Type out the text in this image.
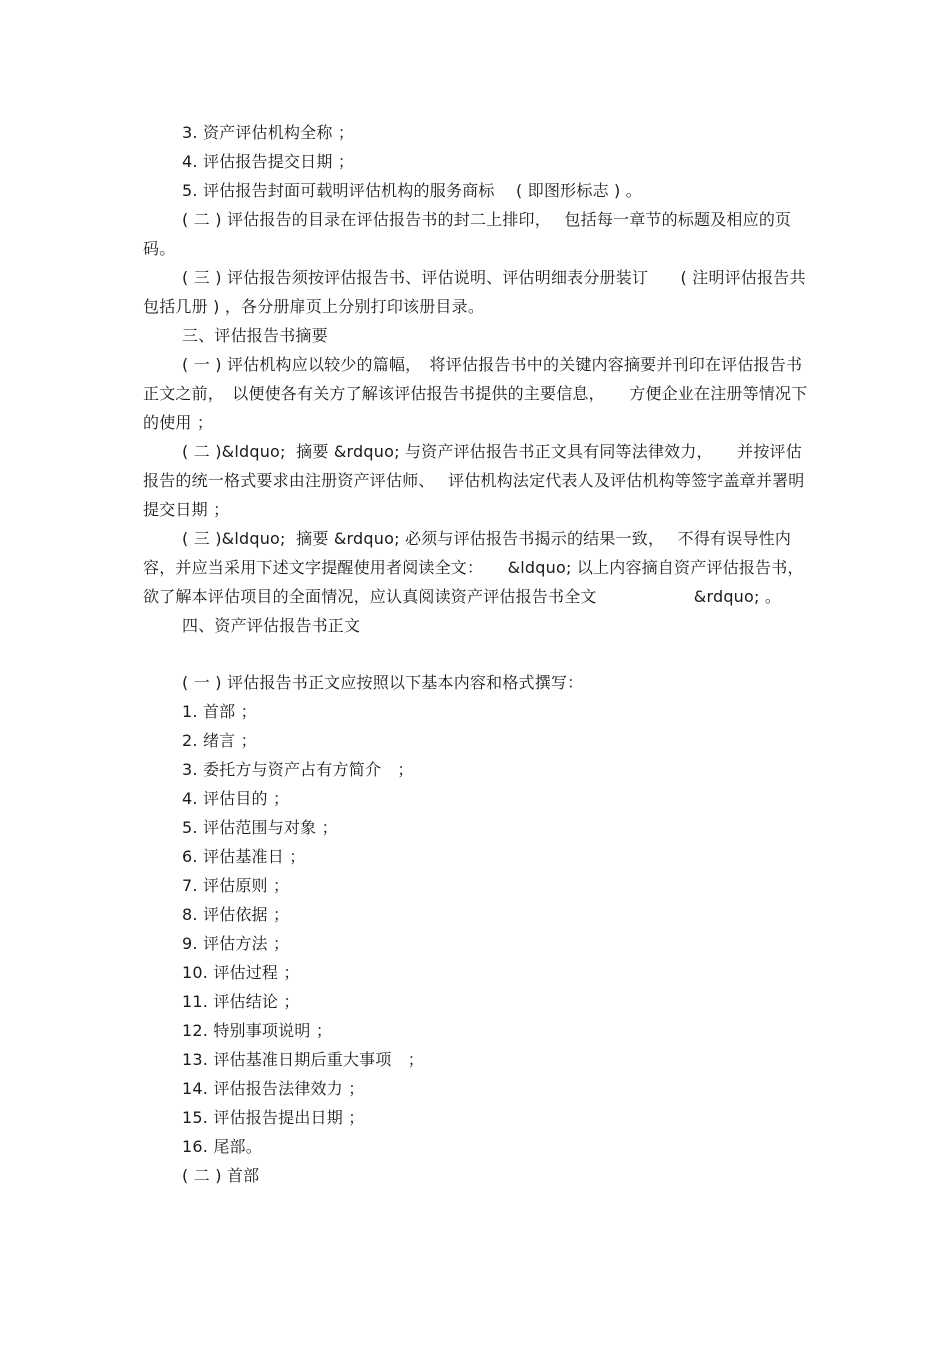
3. 资产评估机构全称 ；
4. 评估报告提交日期 ；
5. 评估报告封面可载明评估机构的服务商标　 ( 即图形标志 ) 。

( 二 ) 评估报告的目录在评估报告书的封二上排印，　 包括每一章节的标题及相应的页码。

( 三 ) 评估报告须按评估报告书、评估说明、评估明细表分册装订　　( 注明评估报告共包括几册 ) ，各分册扉页上分别打印该册目录。

三、评估报告书摘要

( 一 ) 评估机构应以较少的篇幅，　将评估报告书中的关键内容摘要并刊印在评估报告书正文之前，　以便使各有关方了解该评估报告书提供的主要信息，　　方便企业在注册等情况下的使用 ；

( 二 )&ldquo;  摘要 &rdquo; 与资产评估报告书正文具有同等法律效力，　　并按评估报告的统一格式要求由注册资产评估师、　 评估机构法定代表人及评估机构等签字盖章并署明提交日期 ；

( 三 )&ldquo;  摘要 &rdquo; 必须与评估报告书揭示的结果一致，　 不得有误导性内容，并应当采用下述文字提醒使用者阅读全文：　　&ldquo; 以上内容摘自资产评估报告书，欲了解本评估项目的全面情况，应认真阅读资产评估报告书全文　　　　　　&rdquo; 。

四、资产评估报告书正文

( 一 ) 评估报告书正文应按照以下基本内容和格式撰写：

1. 首部 ；
2. 绪言 ；
3. 委托方与资产占有方简介　；
4. 评估目的 ；
5. 评估范围与对象 ；
6. 评估基准日 ；
7. 评估原则 ；
8. 评估依据 ；
9. 评估方法 ；
10. 评估过程 ；
11. 评估结论 ；
12. 特别事项说明 ；
13. 评估基准日期后重大事项　；
14. 评估报告法律效力 ；
15. 评估报告提出日期 ；
16. 尾部。
( 二 ) 首部
